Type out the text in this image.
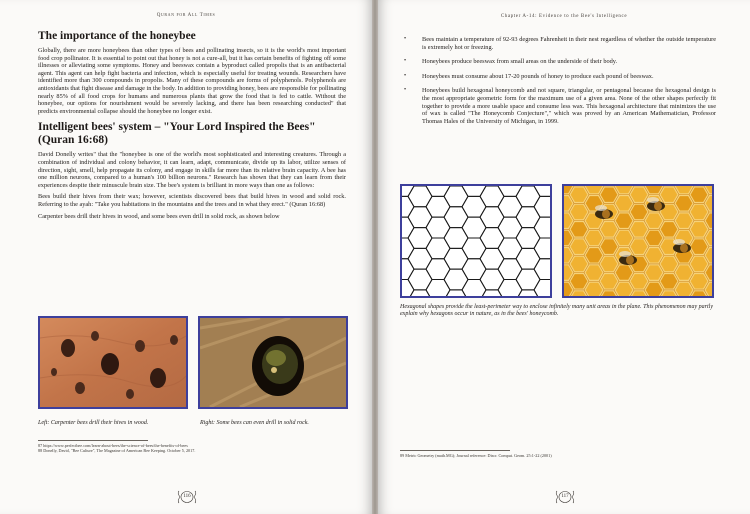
Quran for All Times
The importance of the honeybee

Globally, there are more honeybees than other types of bees and pollinating insects, so it is the world's most important food crop pollinator. It is essential to point out that honey is not a cure-all, but it has certain benefits of fighting off some illnesses or alleviating some symptoms. Honey and beeswax contain a byproduct called propolis that is an antibacterial agent. This agent can help fight bacteria and infection, which is especially useful for treating wounds. Researchers have identified more than 300 compounds in propolis. Many of these compounds are forms of polyphenols. Polyphenols are antioxidants that fight disease and damage in the body. In addition to providing honey, bees are responsible for pollinating nearly 85% of all food crops for humans and numerous plants that grow the food that is fed to cattle. Without the honeybee, our options for nourishment would be severely lacking, and there has been researching conducted" that predicts environmental collapse should the honeybee no longer exist.

Intelligent bees' system – "Your Lord Inspired the Bees" (Quran 16:68)

David Donelly writes" that the "honeybee is one of the world's most sophisticated and interesting creatures. Through a combination of individual and colony behavior, it can learn, adapt, communicate, divide up its labor, utilize senses of direction, sight, smell, help propagate its colony, and engage in skills far more than its relative brain capacity. A bee has one million neurons, compared to a human's 100 billion neurons." Research has shown that they can learn from their experiences despite their minuscule brain size. The bee's system is brilliant in more ways than one as follows:

Bees build their hives from their wax; however, scientists discovered bees that build hives in wood and solid rock. Referring to the ayah: "Take you habitations in the mountains and the trees and in what they erect." (Quran 16:68)

Carpenter bees drill their hives in wood, and some bees even drill in solid rock, as shown below

Left: Carpenter bees drill their hives in wood.	Right: Some bees can even drill in solid rock.
87 https://www.perfectbee.com/learn-about-bees/the-science-of-bees/the-benefits-of-bees
88 Donelly, David, "Bee Culture", The Magazine of American Bee Keeping. October 5, 2017.
116
Chapter A-14: Evidence to the Bee's Intelligence
•	Bees maintain a temperature of 92-93 degrees Fahrenheit in their nest regardless of whether the outside temperature is extremely hot or freezing.
•	Honeybees produce beeswax from small areas on the underside of their body.
•	Honeybees must consume about 17-20 pounds of honey to produce each pound of beeswax.
•	Honeybees build hexagonal honeycomb and not square, triangular, or pentagonal because the hexagonal design is the most appropriate geometric form for the maximum use of a given area. None of the other shapes perfectly fit together to provide a more usable space and consume less wax. This hexagonal architecture that minimizes the use of wax is called "The Honeycomb Conjecture"," which was proved by an American Mathematician, Professor Thomas Hales of the University of Michigan, in 1999.
Hexagonal shapes provide the least-perimeter way to enclose infinitely many unit areas in the plane. This phenomenon may partly explain why hexagons occur in nature, as in the bees' honeycomb.
89 Metric Geometry (math.MG); Journal reference: Discr. Comput. Geom. 25:1-22 (2001)
117
